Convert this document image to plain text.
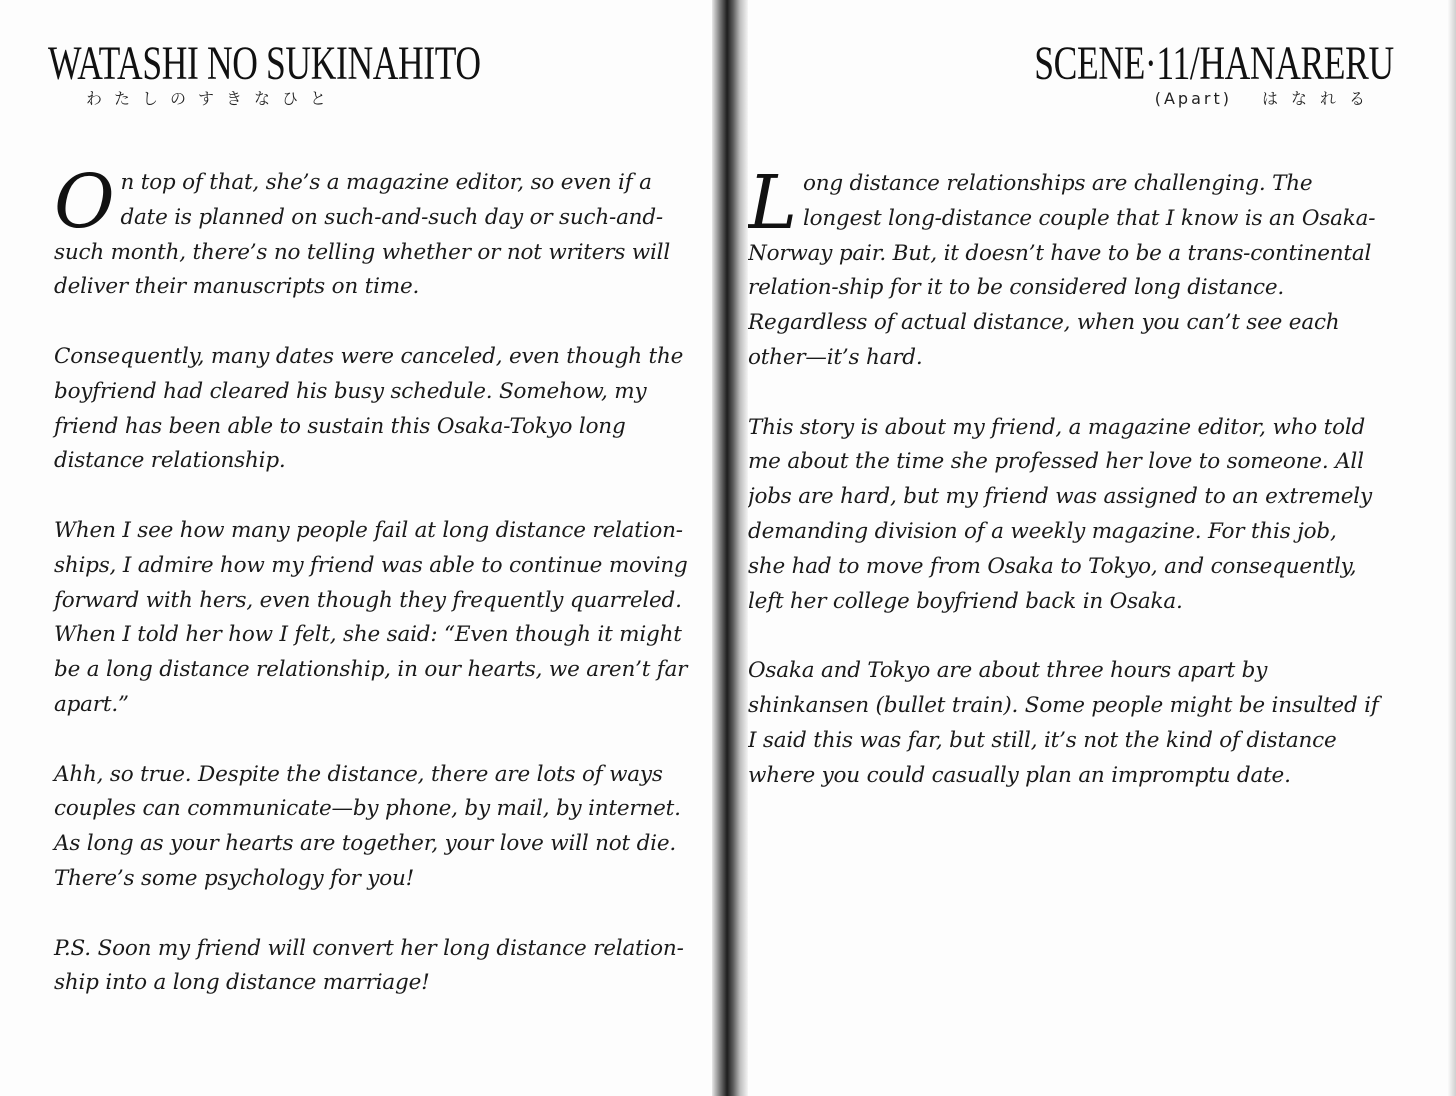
WATASHI NO SUKINAHITO
わたしのすきなひと

O n top of that, she’s a magazine editor, so even if a date is planned on such-and-such day or such-and-such month, there’s no telling whether or not writers will deliver their manuscripts on time.

Consequently, many dates were canceled, even though the boyfriend had cleared his busy schedule. Somehow, my friend has been able to sustain this Osaka-Tokyo long distance relationship.

When I see how many people fail at long distance relation-ships, I admire how my friend was able to continue moving forward with hers, even though they frequently quarreled. When I told her how I felt, she said: “Even though it might be a long distance relationship, in our hearts, we aren’t far apart.”

Ahh, so true. Despite the distance, there are lots of ways couples can communicate—by phone, by mail, by internet. As long as your hearts are together, your love will not die. There’s some psychology for you!

P.S. Soon my friend will convert her long distance relation-ship into a long distance marriage!

SCENE·11/HANARERU
(Apart) はなれる

L ong distance relationships are challenging. The longest long-distance couple that I know is an Osaka-Norway pair. But, it doesn’t have to be a trans-continental relation-ship for it to be considered long distance. Regardless of actual distance, when you can’t see each other—it’s hard.

This story is about my friend, a magazine editor, who told me about the time she professed her love to someone. All jobs are hard, but my friend was assigned to an extremely demanding division of a weekly magazine. For this job, she had to move from Osaka to Tokyo, and consequently, left her college boyfriend back in Osaka.

Osaka and Tokyo are about three hours apart by shinkansen (bullet train). Some people might be insulted if I said this was far, but still, it’s not the kind of distance where you could casually plan an impromptu date.
